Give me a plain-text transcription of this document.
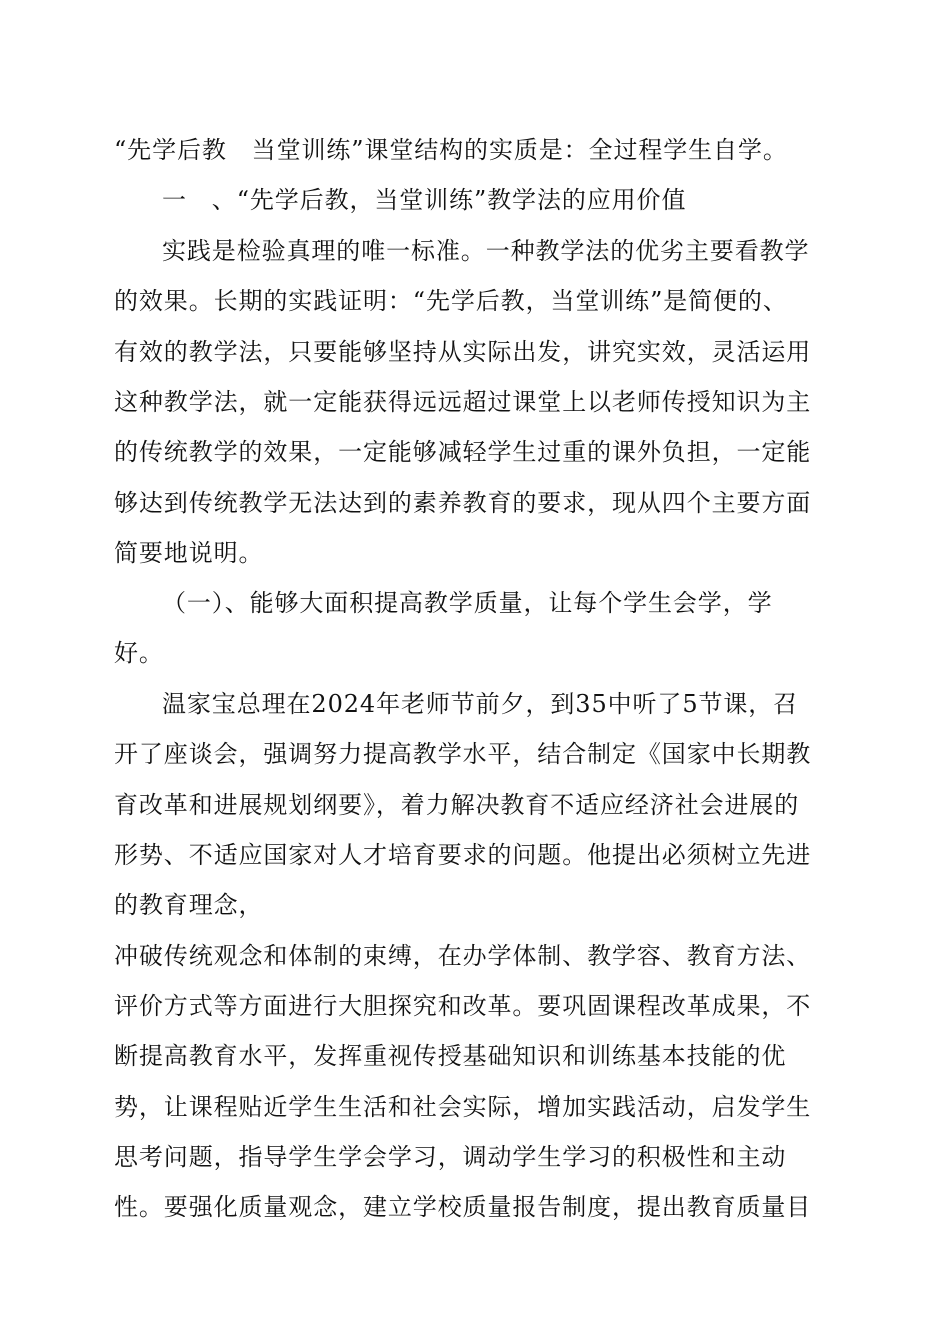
“先学后教　当堂训练”课堂结构的实质是：全过程学生自学。
一　、“先学后教，当堂训练”教学法的应用价值
实践是检验真理的唯一标准。一种教学法的优劣主要看教学
的效果。长期的实践证明：“先学后教，当堂训练”是简便的、
有效的教学法，只要能够坚持从实际出发，讲究实效，灵活运用
这种教学法，就一定能获得远远超过课堂上以老师传授知识为主
的传统教学的效果，一定能够减轻学生过重的课外负担，一定能
够达到传统教学无法达到的素养教育的要求，现从四个主要方面
简要地说明。
（一）、能够大面积提高教学质量，让每个学生会学，学
好。
温家宝总理在2024年老师节前夕，到35中听了5节课，召
开了座谈会，强调努力提高教学水平，结合制定《国家中长期教
育改革和进展规划纲要》，着力解决教育不适应经济社会进展的
形势、不适应国家对人才培育要求的问题。他提出必须树立先进
的教育理念，
冲破传统观念和体制的束缚，在办学体制、教学容、教育方法、
评价方式等方面进行大胆探究和改革。要巩固课程改革成果，不
断提高教育水平，发挥重视传授基础知识和训练基本技能的优
势，让课程贴近学生生活和社会实际，增加实践活动，启发学生
思考问题，指导学生学会学习，调动学生学习的积极性和主动
性。要强化质量观念，建立学校质量报告制度，提出教育质量目
